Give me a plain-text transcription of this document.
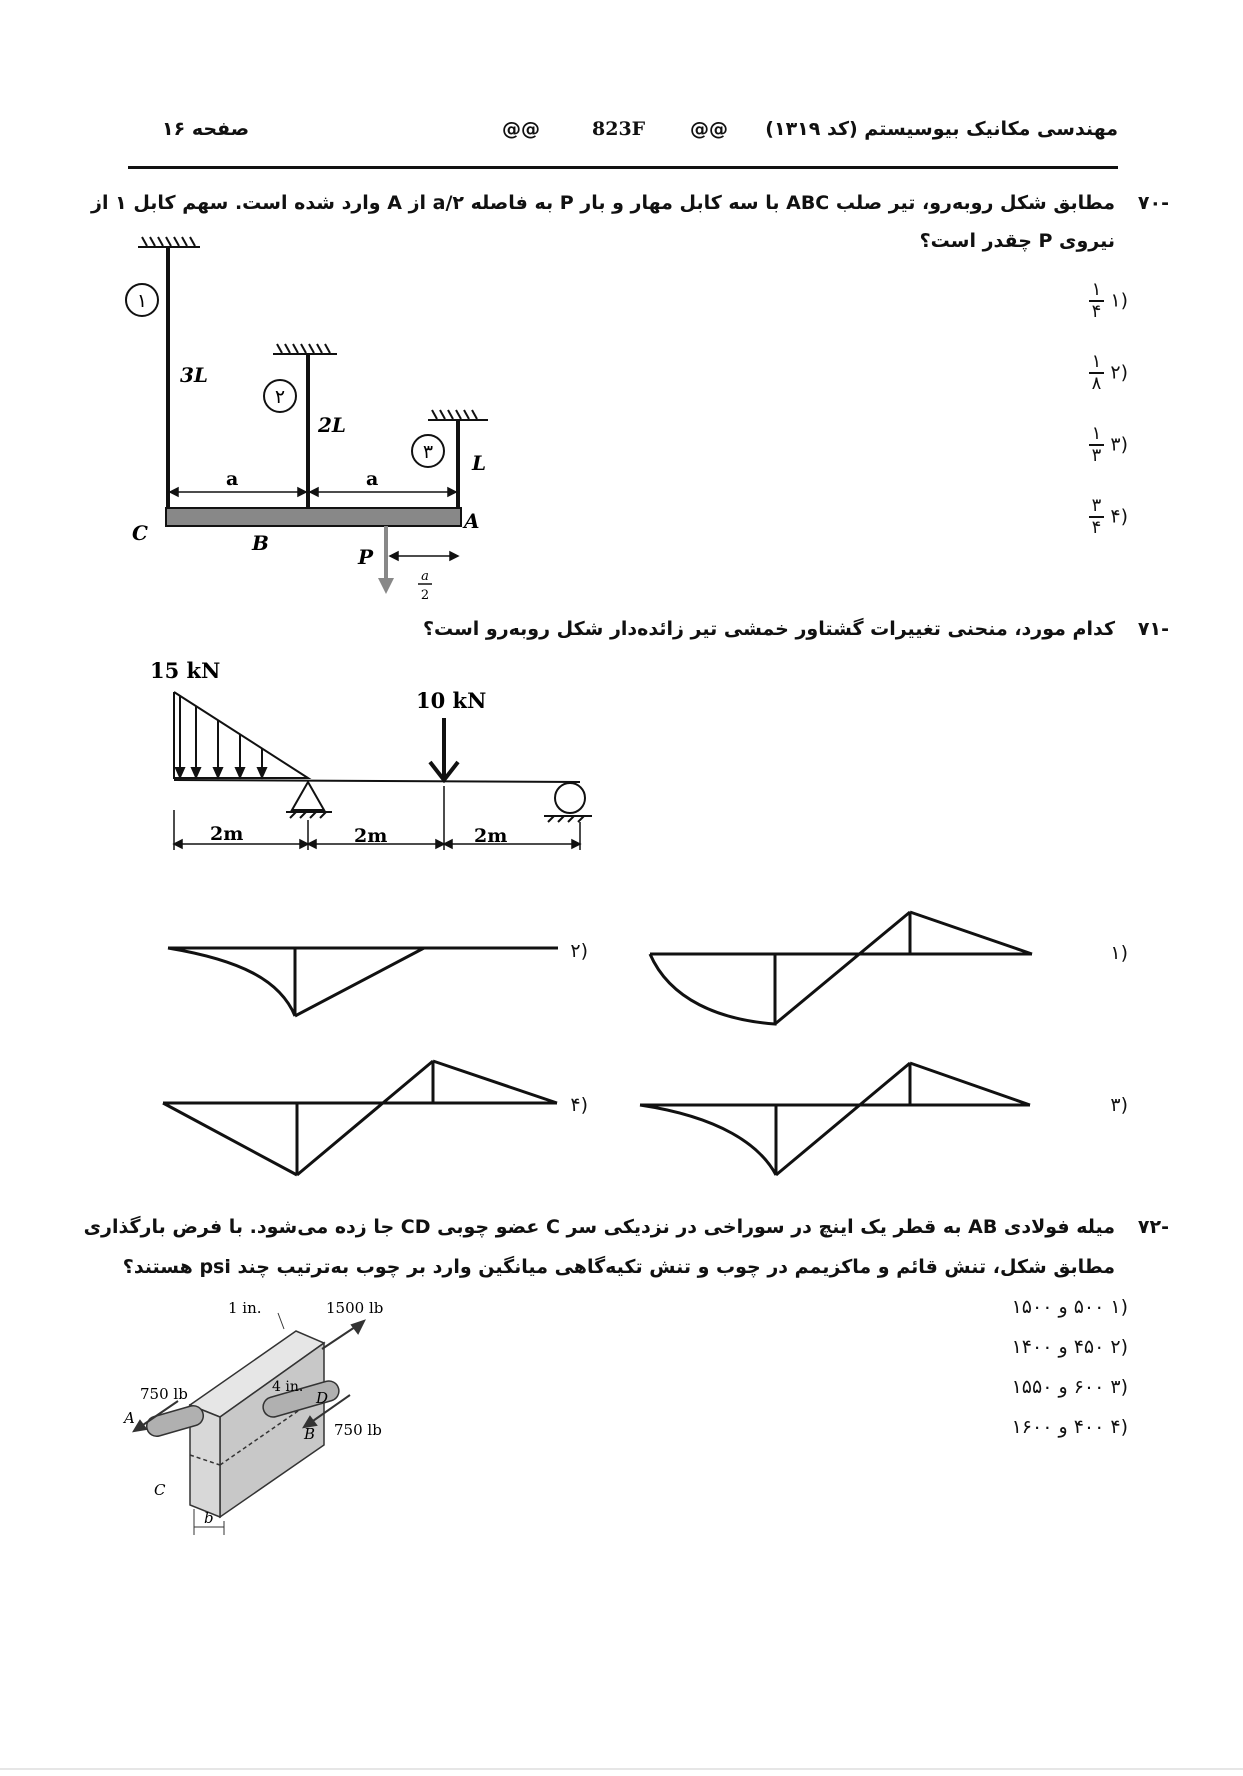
مهندسی مکانیک بیوسیستم (کد ۱۳۱۹)
@@
823F
@@
صفحه ۱۶
-۷۰
مطابق شکل روبه‌رو، تیر صلب ABC با سه کابل مهار و بار P به فاصله a/۲ از A وارد شده است. سهم کابل ۱ از
نیروی P چقدر است؟
(۱
$\frac{۱}{۴}$
(۲
$\frac{۱}{۸}$
(۳
$\frac{۱}{۳}$
(۴
$\frac{۳}{۴}$
۱
۲
۳
3L
2L
L
a	a
C	B
A
P
a
2
-۷۱
کدام مورد، منحنی تغییرات گشتاور خمشی تیر زائده‌دار شکل روبه‌رو است؟
15 kN
10 kN
2m	2m	2m
(۱
(۲
(۳
(۴
-۷۲
میله فولادی AB به قطر یک اینچ در سوراخی در نزدیکی سر C عضو چوبی CD جا زده می‌شود. با فرض بارگذاری
مطابق شکل، تنش قائم و ماکزیمم در چوب و تنش تکیه‌گاهی میانگین وارد بر چوب به‌ترتیب چند psi هستند؟
(۱ ۵۰۰ و ۱۵۰۰
(۲ ۴۵۰ و ۱۴۰۰
(۳ ۶۰۰ و ۱۵۵۰
(۴ ۴۰۰ و ۱۶۰۰
1 in.	1500 lb
750 lb
750 lb
4 in.
A
B
C
D
b
